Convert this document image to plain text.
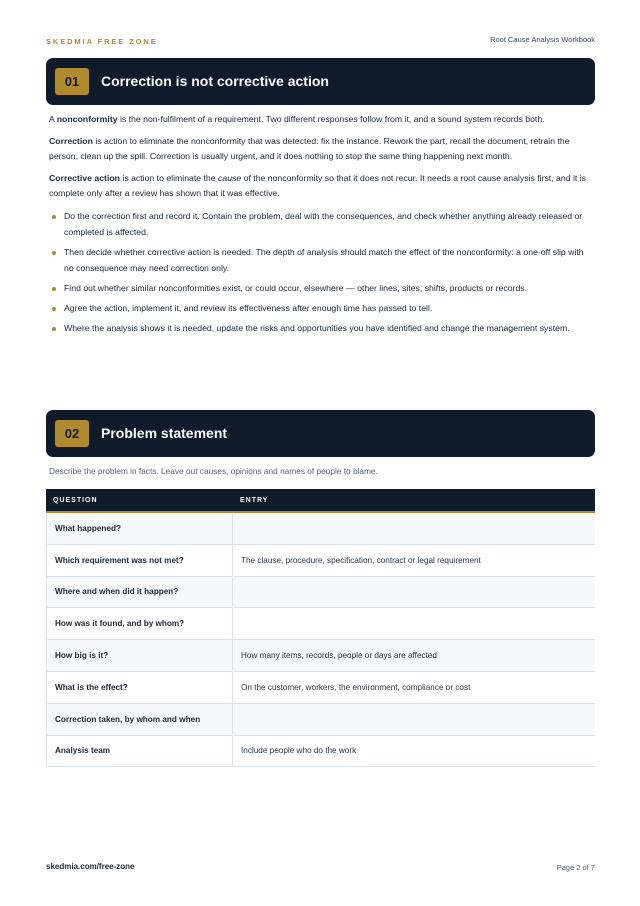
SKEDMIA FREE ZONE	Root Cause Analysis Workbook
01	Correction is not corrective action

A nonconformity is the non-fulfilment of a requirement. Two different responses follow from it, and a sound system records both.

Correction is action to eliminate the nonconformity that was detected: fix the instance. Rework the part, recall the document, retrain the person, clean up the spill. Correction is usually urgent, and it does nothing to stop the same thing happening next month.

Corrective action is action to eliminate the cause of the nonconformity so that it does not recur. It needs a root cause analysis first, and it is complete only after a review has shown that it was effective.

Do the correction first and record it. Contain the problem, deal with the consequences, and check whether anything already released or completed is affected.
Then decide whether corrective action is needed. The depth of analysis should match the effect of the nonconformity: a one-off slip with no consequence may need correction only.
Find out whether similar nonconformities exist, or could occur, elsewhere — other lines, sites, shifts, products or records.
Agree the action, implement it, and review its effectiveness after enough time has passed to tell.
Where the analysis shows it is needed, update the risks and opportunities you have identified and change the management system.
02	Problem statement
Describe the problem in facts. Leave out causes, opinions and names of people to blame.
QUESTION	ENTRY
What happened?
Which requirement was not met?	The clause, procedure, specification, contract or legal requirement
Where and when did it happen?
How was it found, and by whom?
How big is it?	How many items, records, people or days are affected
What is the effect?	On the customer, workers, the environment, compliance or cost
Correction taken, by whom and when
Analysis team	Include people who do the work
skedmia.com/free-zone	Page 2 of 7
